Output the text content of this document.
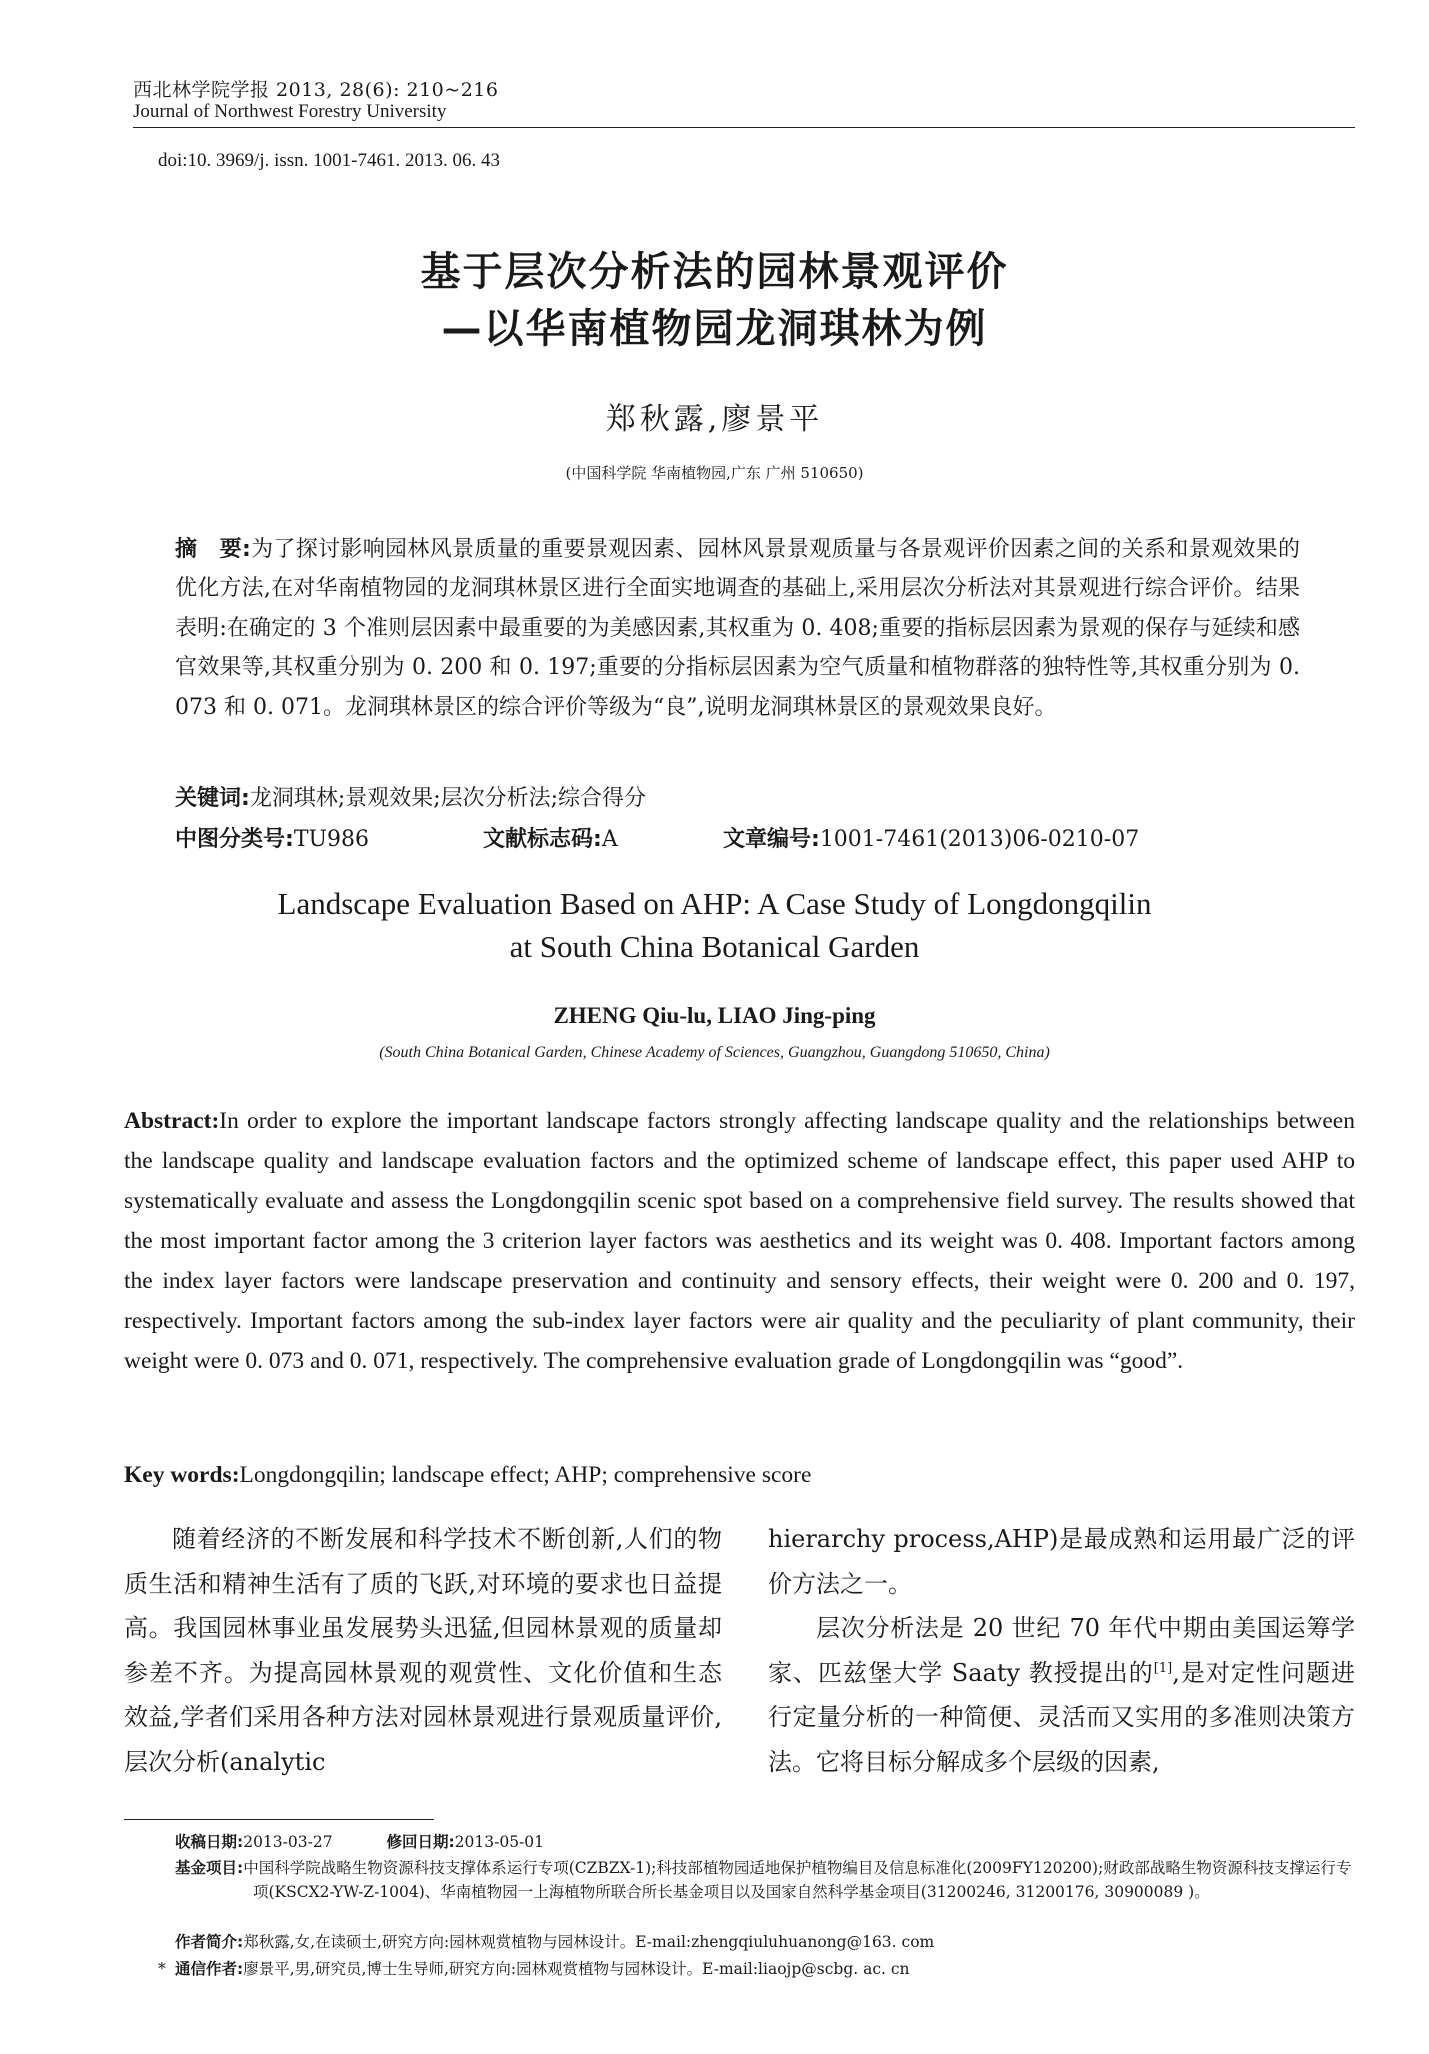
西北林学院学报 2013, 28(6): 210~216
Journal of Northwest Forestry University
doi:10. 3969/j. issn. 1001-7461. 2013. 06. 43
基于层次分析法的园林景观评价
—以华南植物园龙洞琪林为例
郑秋露,廖景平
(中国科学院 华南植物园,广东 广州 510650)
摘　要:为了探讨影响园林风景质量的重要景观因素、园林风景景观质量与各景观评价因素之间的关系和景观效果的优化方法,在对华南植物园的龙洞琪林景区进行全面实地调查的基础上,采用层次分析法对其景观进行综合评价。结果表明:在确定的 3 个准则层因素中最重要的为美感因素,其权重为 0. 408;重要的指标层因素为景观的保存与延续和感官效果等,其权重分别为 0. 200 和 0. 197;重要的分指标层因素为空气质量和植物群落的独特性等,其权重分别为 0. 073 和 0. 071。龙洞琪林景区的综合评价等级为“良”,说明龙洞琪林景区的景观效果良好。
关键词:龙洞琪林;景观效果;层次分析法;综合得分
中图分类号:TU986	文献标志码:A	文章编号:1001-7461(2013)06-0210-07
Landscape Evaluation Based on AHP: A Case Study of Longdongqilin
at South China Botanical Garden
ZHENG Qiu-lu, LIAO Jing-ping
(South China Botanical Garden, Chinese Academy of Sciences, Guangzhou, Guangdong 510650, China)
Abstract:In order to explore the important landscape factors strongly affecting landscape quality and the relationships between the landscape quality and landscape evaluation factors and the optimized scheme of landscape effect, this paper used AHP to systematically evaluate and assess the Longdongqilin scenic spot based on a comprehensive field survey. The results showed that the most important factor among the 3 criterion layer factors was aesthetics and its weight was 0. 408. Important factors among the index layer factors were landscape preservation and continuity and sensory effects, their weight were 0. 200 and 0. 197, respectively. Important factors among the sub-index layer factors were air quality and the peculiarity of plant community, their weight were 0. 073 and 0. 071, respectively. The comprehensive evaluation grade of Longdongqilin was “good”.
Key words:Longdongqilin; landscape effect; AHP; comprehensive score
随着经济的不断发展和科学技术不断创新,人们的物质生活和精神生活有了质的飞跃,对环境的要求也日益提高。我国园林事业虽发展势头迅猛,但园林景观的质量却参差不齐。为提高园林景观的观赏性、文化价值和生态效益,学者们采用各种方法对园林景观进行景观质量评价,层次分析(analytic
hierarchy process,AHP)是最成熟和运用最广泛的评价方法之一。
层次分析法是 20 世纪 70 年代中期由美国运筹学家、匹兹堡大学 Saaty 教授提出的[1],是对定性问题进行定量分析的一种简便、灵活而又实用的多准则决策方法。它将目标分解成多个层级的因素,
收稿日期:2013-03-27	修回日期:2013-05-01
基金项目:中国科学院战略生物资源科技支撑体系运行专项(CZBZX-1);科技部植物园适地保护植物编目及信息标准化(2009FY120200);财政部战略生物资源科技支撑运行专项(KSCX2-YW-Z-1004)、华南植物园一上海植物所联合所长基金项目以及国家自然科学基金项目(31200246, 31200176, 30900089 )。
作者简介:郑秋露,女,在读硕士,研究方向:园林观赏植物与园林设计。E-mail:zhengqiuluhuanong@163. com
* 通信作者:廖景平,男,研究员,博士生导师,研究方向:园林观赏植物与园林设计。E-mail:liaojp@scbg. ac. cn
